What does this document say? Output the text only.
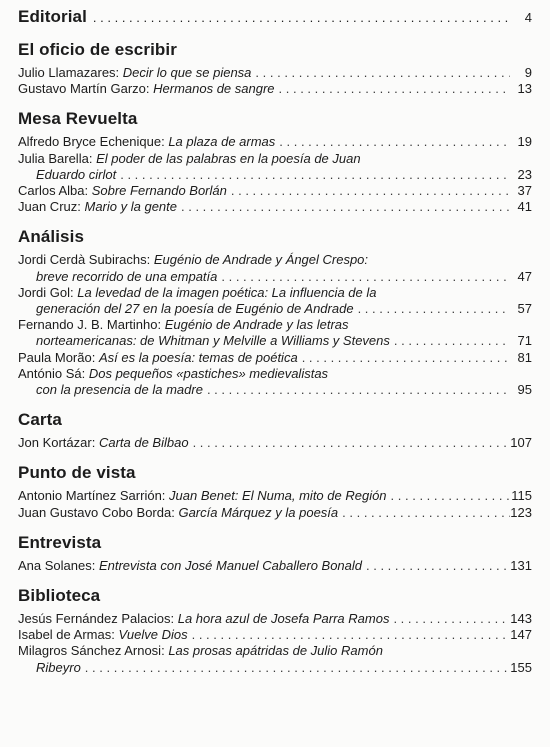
Editorial . . .	4
El oficio de escribir
Julio Llamazares: Decir lo que se piensa . . .	9
Gustavo Martín Garzo: Hermanos de sangre . . .	13
Mesa Revuelta
Alfredo Bryce Echenique: La plaza de armas . . .	19
Julia Barella: El poder de las palabras en la poesía de Juan
Eduardo cirlot . . .	23
Carlos Alba: Sobre Fernando Borlán . . .	37
Juan Cruz: Mario y la gente . . .	41
Análisis
Jordi Cerdà Subirachs: Eugénio de Andrade y Ángel Crespo:
breve recorrido de una empatía . . .	47
Jordi Gol: La levedad de la imagen poética: La influencia de la
generación del 27 en la poesía de Eugénio de Andrade . . .	57
Fernando J. B. Martinho: Eugénio de Andrade y las letras
norteamericanas: de Whitman y Melville a Williams y Stevens . . .	71
Paula Morão: Así es la poesía: temas de poética . . .	81
António Sá: Dos pequeños «pastiches» medievalistas
con la presencia de la madre . . .	95
Carta
Jon Kortázar: Carta de Bilbao . . .	107
Punto de vista
Antonio Martínez Sarrión: Juan Benet: El Numa, mito de Región . . .	115
Juan Gustavo Cobo Borda: García Márquez y la poesía . . .	123
Entrevista
Ana Solanes: Entrevista con José Manuel Caballero Bonald . . .	131
Biblioteca
Jesús Fernández Palacios: La hora azul de Josefa Parra Ramos . . .	143
Isabel de Armas: Vuelve Dios . . .	147
Milagros Sánchez Arnosi: Las prosas apátridas de Julio Ramón
Ribeyro . . .	155
